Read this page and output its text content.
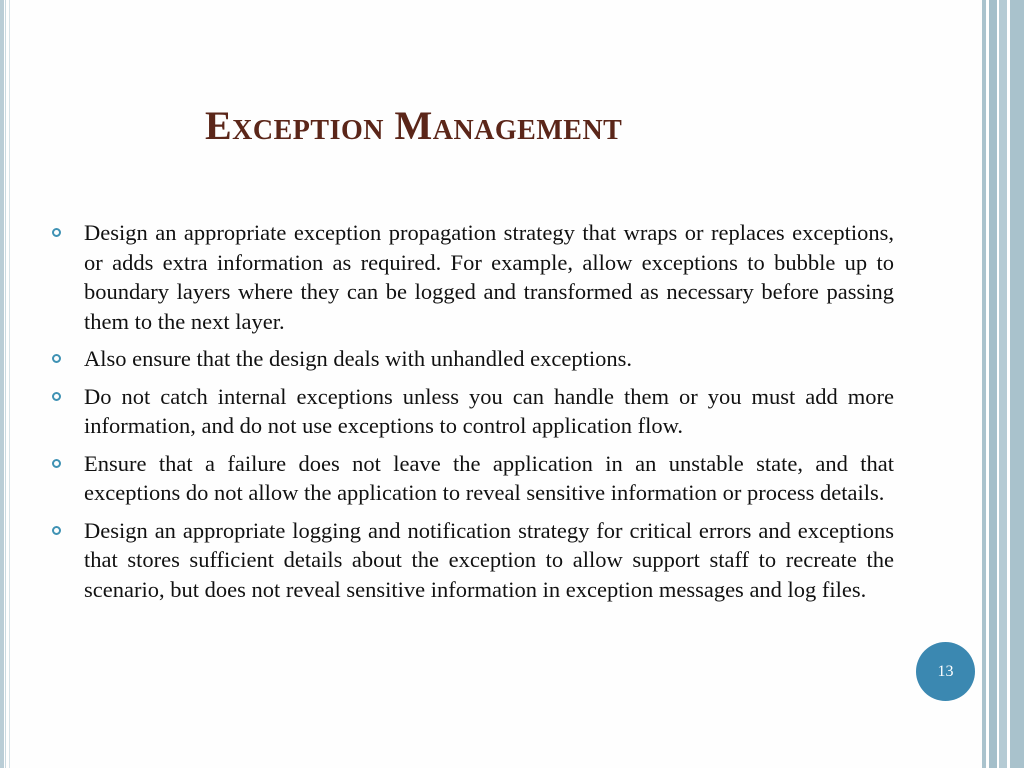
Exception Management
Design an appropriate exception propagation strategy that wraps or replaces exceptions, or adds extra information as required. For example, allow exceptions to bubble up to boundary layers where they can be logged and transformed as necessary before passing them to the next layer.
Also ensure that the design deals with unhandled exceptions.
Do not catch internal exceptions unless you can handle them or you must add more information, and do not use exceptions to control application flow.
Ensure that a failure does not leave the application in an unstable state, and that exceptions do not allow the application to reveal sensitive information or process details.
Design an appropriate logging and notification strategy for critical errors and exceptions that stores sufficient details about the exception to allow support staff to recreate the scenario, but does not reveal sensitive information in exception messages and log files.
13
